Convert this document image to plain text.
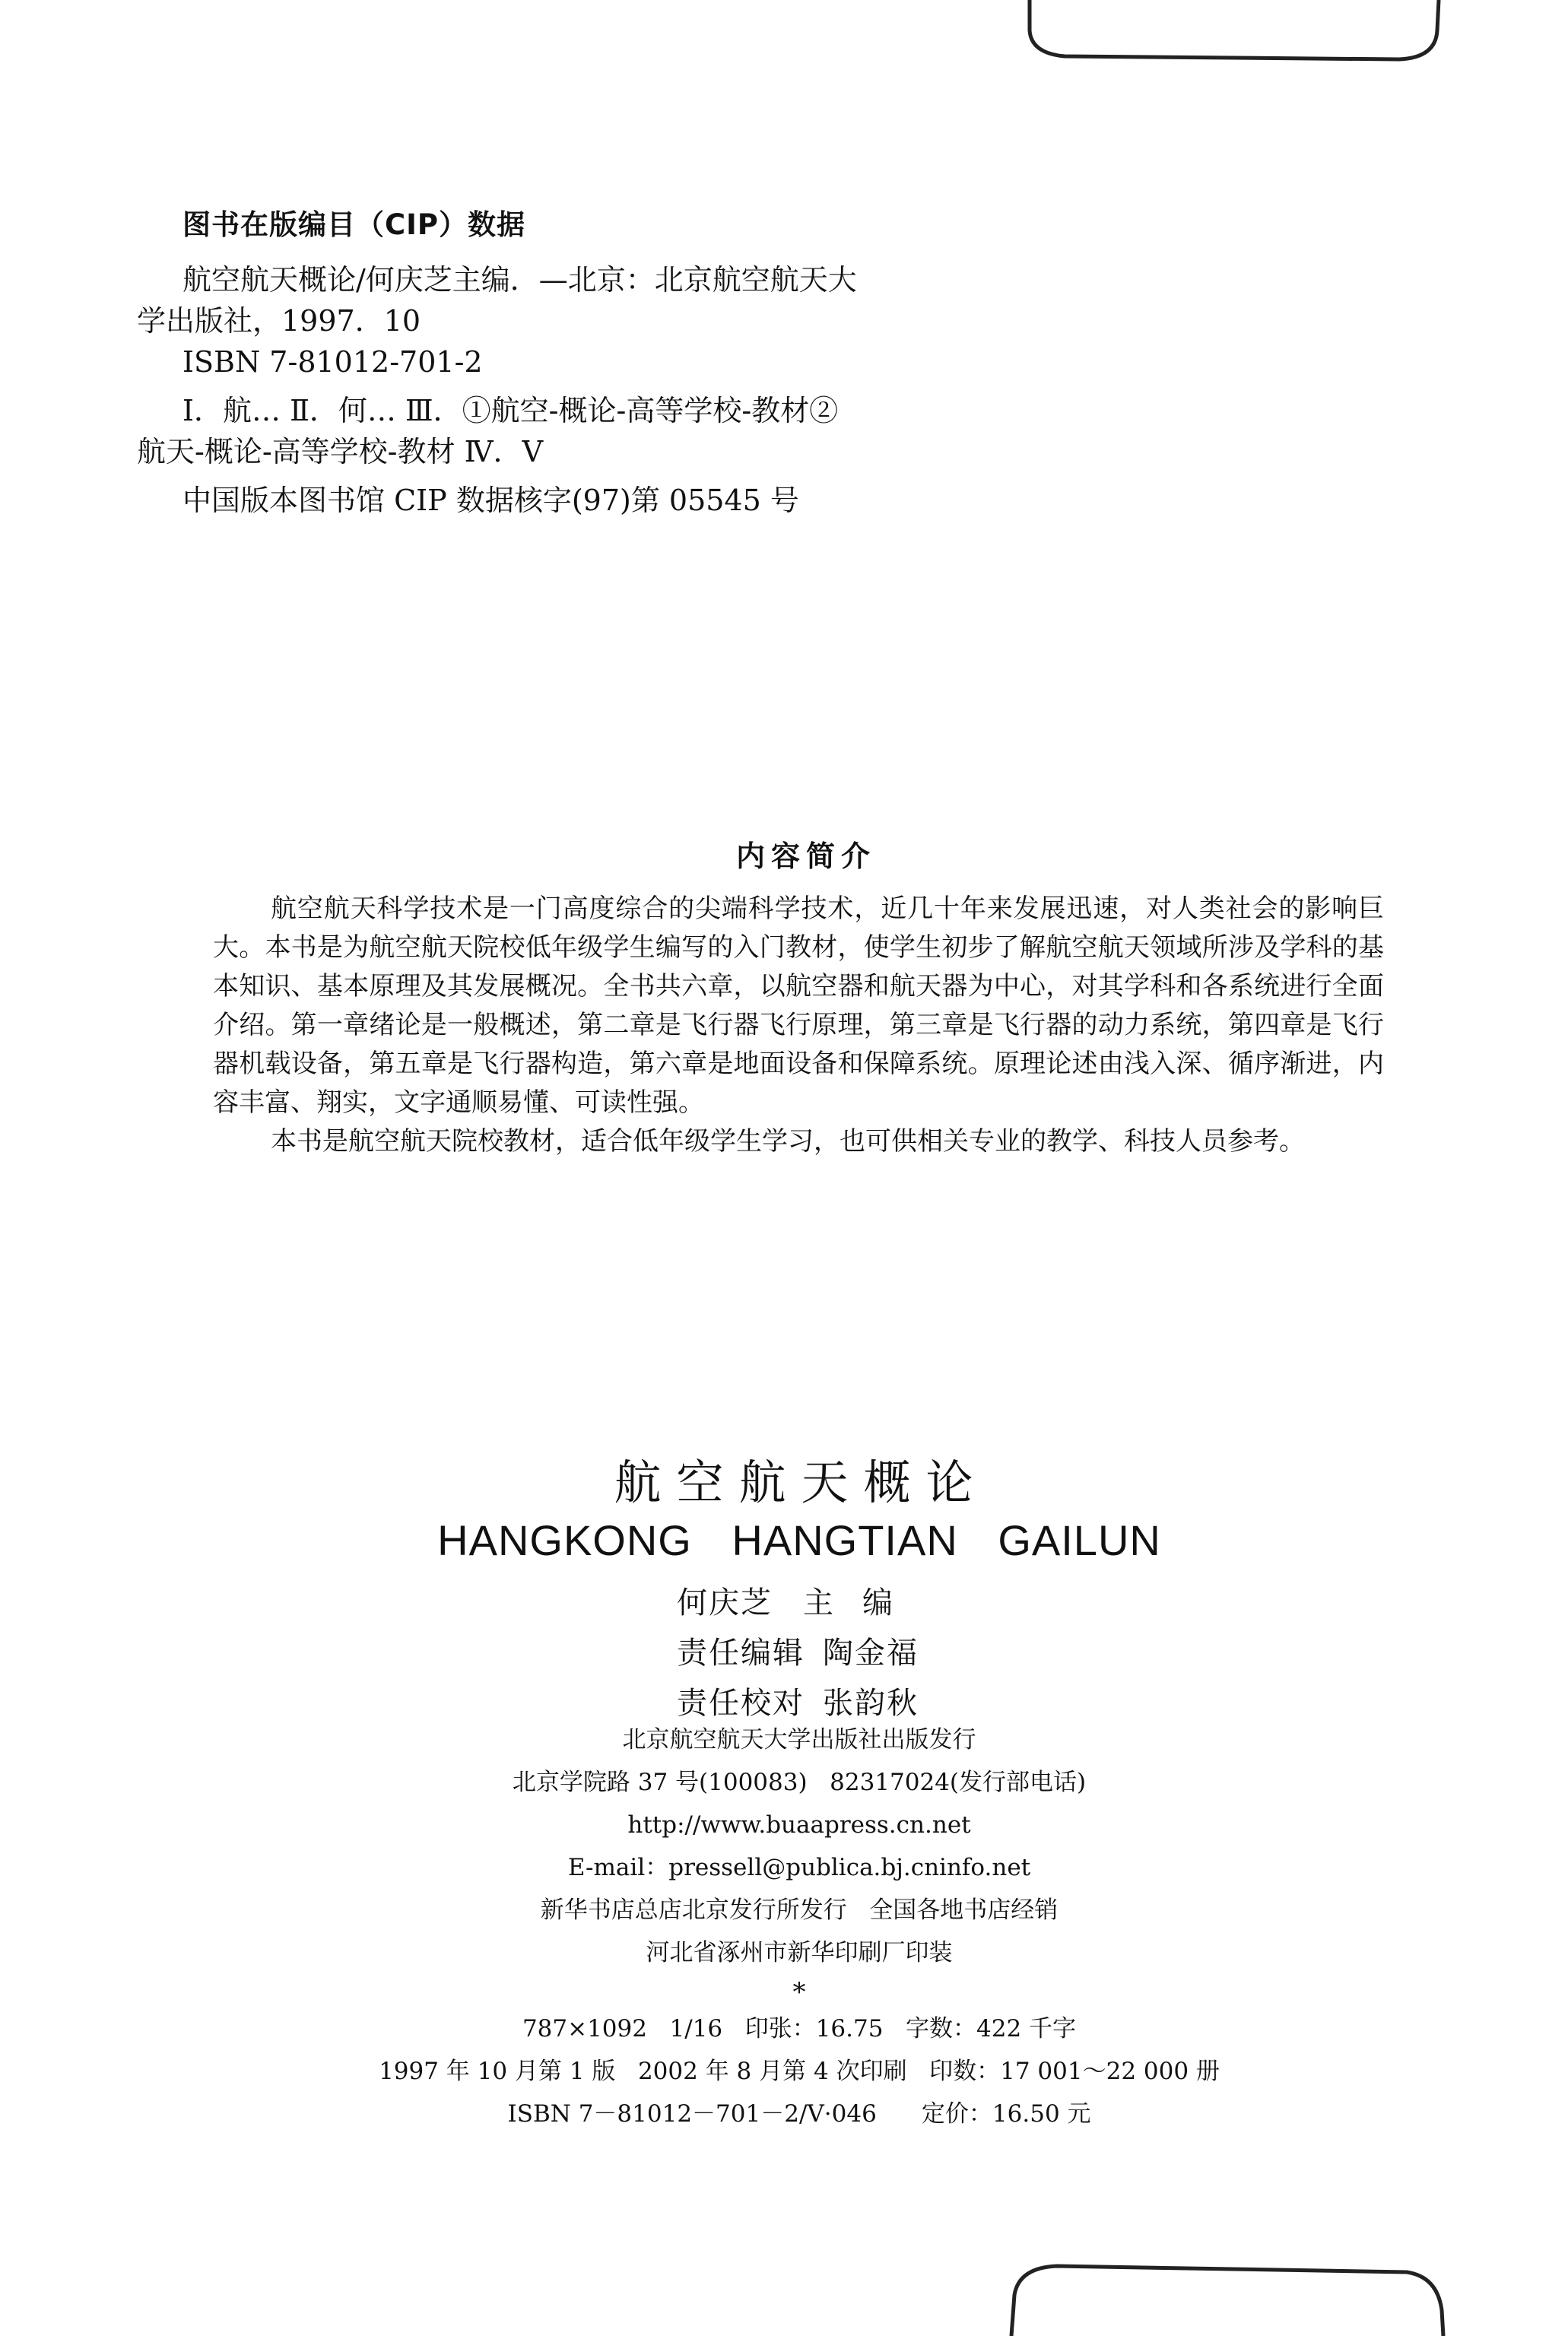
图书在版编目（CIP）数据
航空航天概论/何庆芝主编．—北京：北京航空航天大
学出版社，1997．10
ISBN 7-81012-701-2
Ⅰ．航… Ⅱ．何… Ⅲ．①航空-概论-高等学校-教材②
航天-概论-高等学校-教材 Ⅳ．V
中国版本图书馆 CIP 数据核字(97)第 05545 号
内容简介

航空航天科学技术是一门高度综合的尖端科学技术，近几十年来发展迅速，对人类社会的影响巨大。本书是为航空航天院校低年级学生编写的入门教材，使学生初步了解航空航天领域所涉及学科的基本知识、基本原理及其发展概况。全书共六章，以航空器和航天器为中心，对其学科和各系统进行全面介绍。第一章绪论是一般概述，第二章是飞行器飞行原理，第三章是飞行器的动力系统，第四章是飞行器机载设备，第五章是飞行器构造，第六章是地面设备和保障系统。原理论述由浅入深、循序渐进，内容丰富、翔实，文字通顺易懂、可读性强。

本书是航空航天院校教材，适合低年级学生学习，也可供相关专业的教学、科技人员参考。

航空航天概论
HANGKONG HANGTIAN GAILUN
何庆芝 主编
责任编辑 陶金福
责任校对 张韵秋
北京航空航天大学出版社出版发行
北京学院路 37 号(100083)   82317024(发行部电话)
http://www.buaapress.cn.net
E-mail：pressell@publica.bj.cninfo.net
新华书店总店北京发行所发行   全国各地书店经销
河北省涿州市新华印刷厂印装
*
787×1092   1/16   印张：16.75   字数：422 千字
1997 年 10 月第 1 版   2002 年 8 月第 4 次印刷   印数：17 001～22 000 册
ISBN 7－81012－701－2/V·046      定价：16.50 元
